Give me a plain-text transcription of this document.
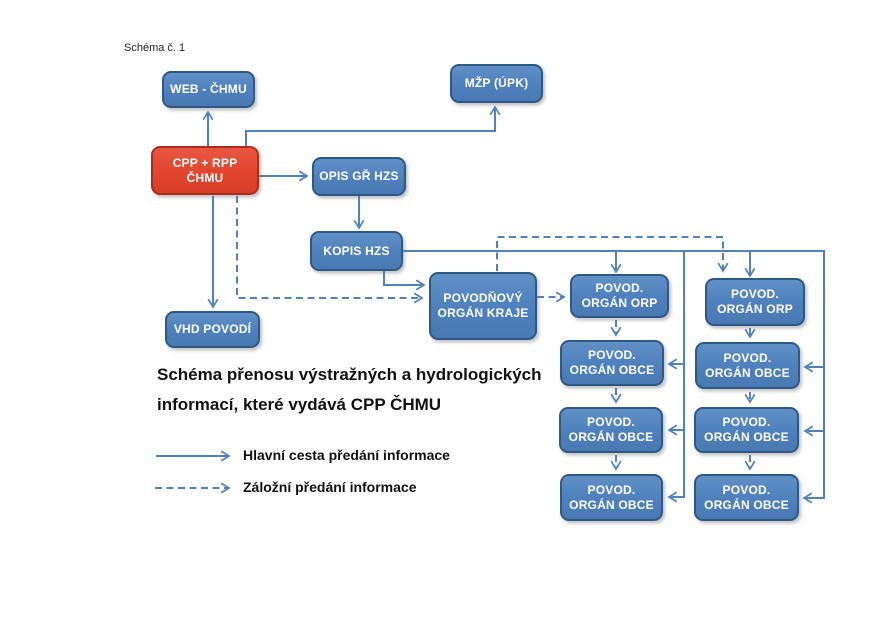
Schéma č. 1
WEB - ČHMU	MŽP (ÚPK)
CPP + RPP
ČHMU	OPIS GŘ HZS
KOPIS HZS
VHD POVODÍ
POVODŇOVÝ
ORGÁN KRAJE
POVOD.
ORGÁN ORP
POVOD.
ORGÁN ORP
POVOD.
ORGÁN OBCE
POVOD.
ORGÁN OBCE
POVOD.
ORGÁN OBCE
POVOD.
ORGÁN OBCE
POVOD.
ORGÁN OBCE
POVOD.
ORGÁN OBCE
Schéma přenosu výstražných a hydrologických
informací, které vydává CPP ČHMU
Hlavní cesta předání informace
Záložní předání informace
